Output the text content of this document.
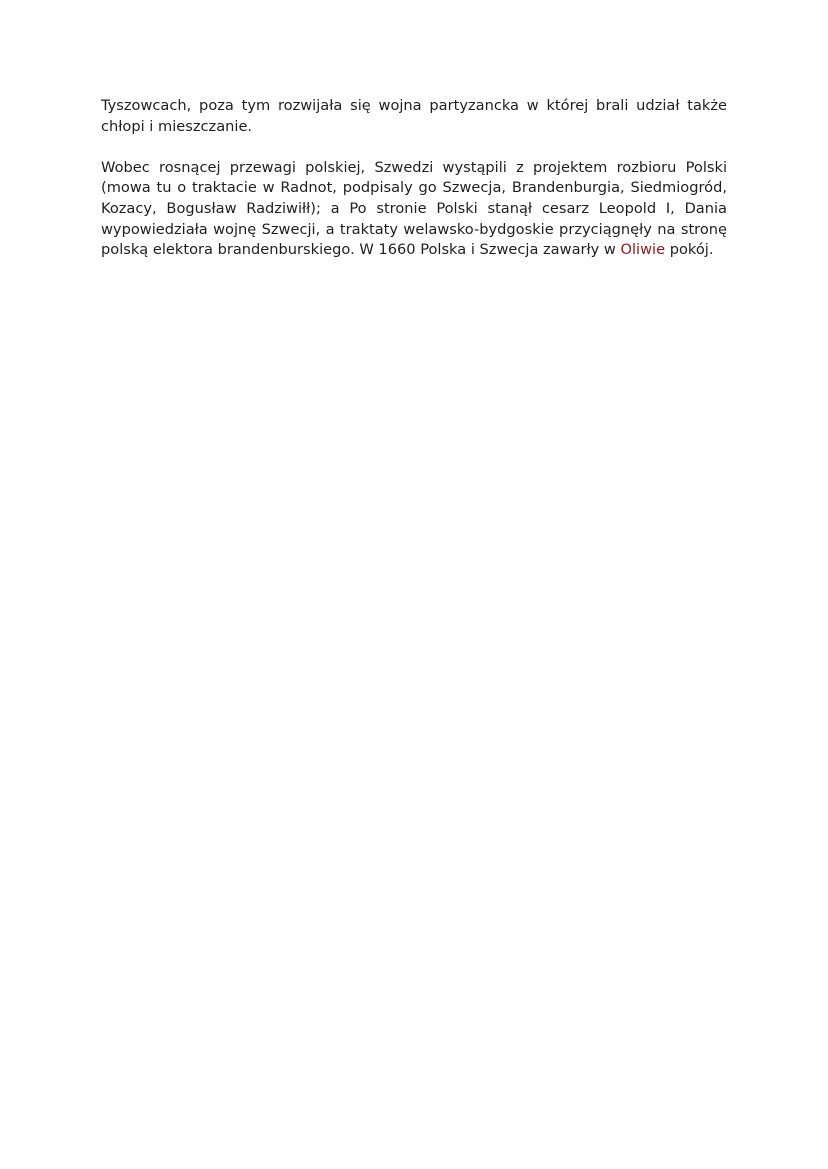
Tyszowcach, poza tym rozwijała się wojna partyzancka w której brali udział także chłopi i mieszczanie.

Wobec rosnącej przewagi polskiej, Szwedzi wystąpili z projektem rozbioru Polski (mowa tu o traktacie w Radnot, podpisaly go Szwecja, Brandenburgia, Siedmiogród, Kozacy, Bogusław Radziwiłł); a Po stronie Polski stanął cesarz Leopold I, Dania wypowiedziała wojnę Szwecji, a traktaty welawsko-bydgoskie przyciągnęły na stronę polską elektora brandenburskiego. W 1660 Polska i Szwecja zawarły w Oliwie pokój.
